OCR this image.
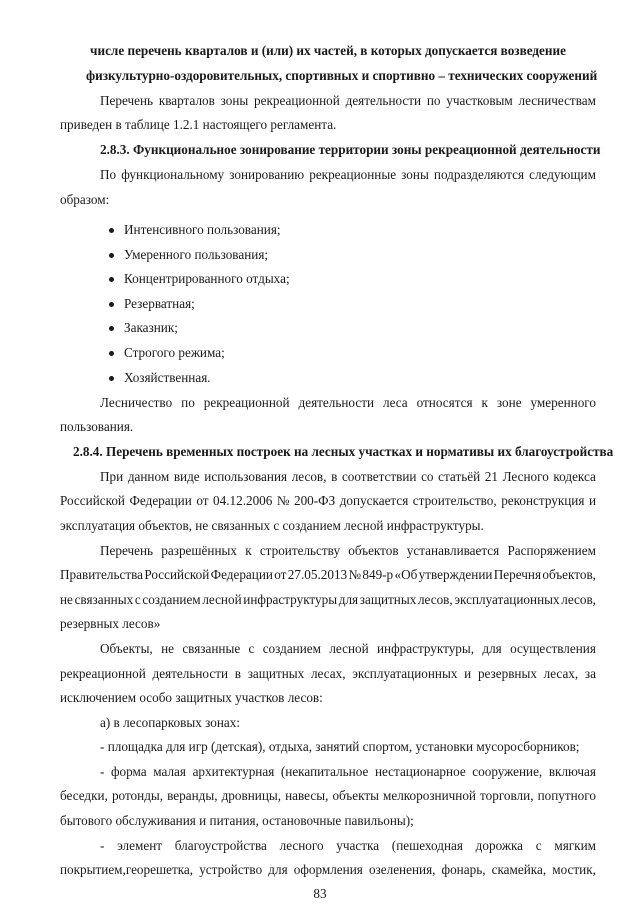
числе перечень кварталов и (или) их частей, в которых допускается возведение
физкультурно-оздоровительных, спортивных и спортивно – технических сооружений
Перечень кварталов зоны рекреационной деятельности по участковым лесничествам
приведен в таблице 1.2.1 настоящего регламента.
2.8.3. Функциональное зонирование территории зоны рекреационной деятельности
По функциональному зонированию рекреационные зоны подразделяются следующим
образом:
Интенсивного пользования;
Умеренного пользования;
Концентрированного отдыха;
Резерватная;
Заказник;
Строгого режима;
Хозяйственная.
Лесничество по рекреационной деятельности леса относятся к зоне умеренного
пользования.
2.8.4. Перечень временных построек на лесных участках и нормативы их благоустройства
При данном виде использования лесов, в соответствии со статьёй 21 Лесного кодекса
Российской Федерации от 04.12.2006 № 200-ФЗ допускается строительство, реконструкция и
эксплуатация объектов, не связанных с созданием лесной инфраструктуры.
Перечень разрешённых к строительству объектов устанавливается Распоряжением
Правительства Российской Федерации от 27.05.2013 № 849-р «Об утверждении Перечня объектов,
не связанных с созданием лесной инфраструктуры для защитных лесов, эксплуатационных лесов,
резервных лесов»
Объекты, не связанные с созданием лесной инфраструктуры, для осуществления
рекреационной деятельности в защитных лесах, эксплуатационных и резервных лесах, за
исключением особо защитных участков лесов:
а) в лесопарковых зонах:
- площадка для игр (детская), отдыха, занятий спортом, установки мусоросборников;
- форма малая архитектурная (некапитальное нестационарное сооружение, включая
беседки, ротонды, веранды, дровницы, навесы, объекты мелкорозничной торговли, попутного
бытового обслуживания и питания, остановочные павильоны);
- элемент благоустройства лесного участка (пешеходная дорожка с мягким
покрытием,георешетка, устройство для оформления озеленения, фонарь, скамейка, мостик,
83
